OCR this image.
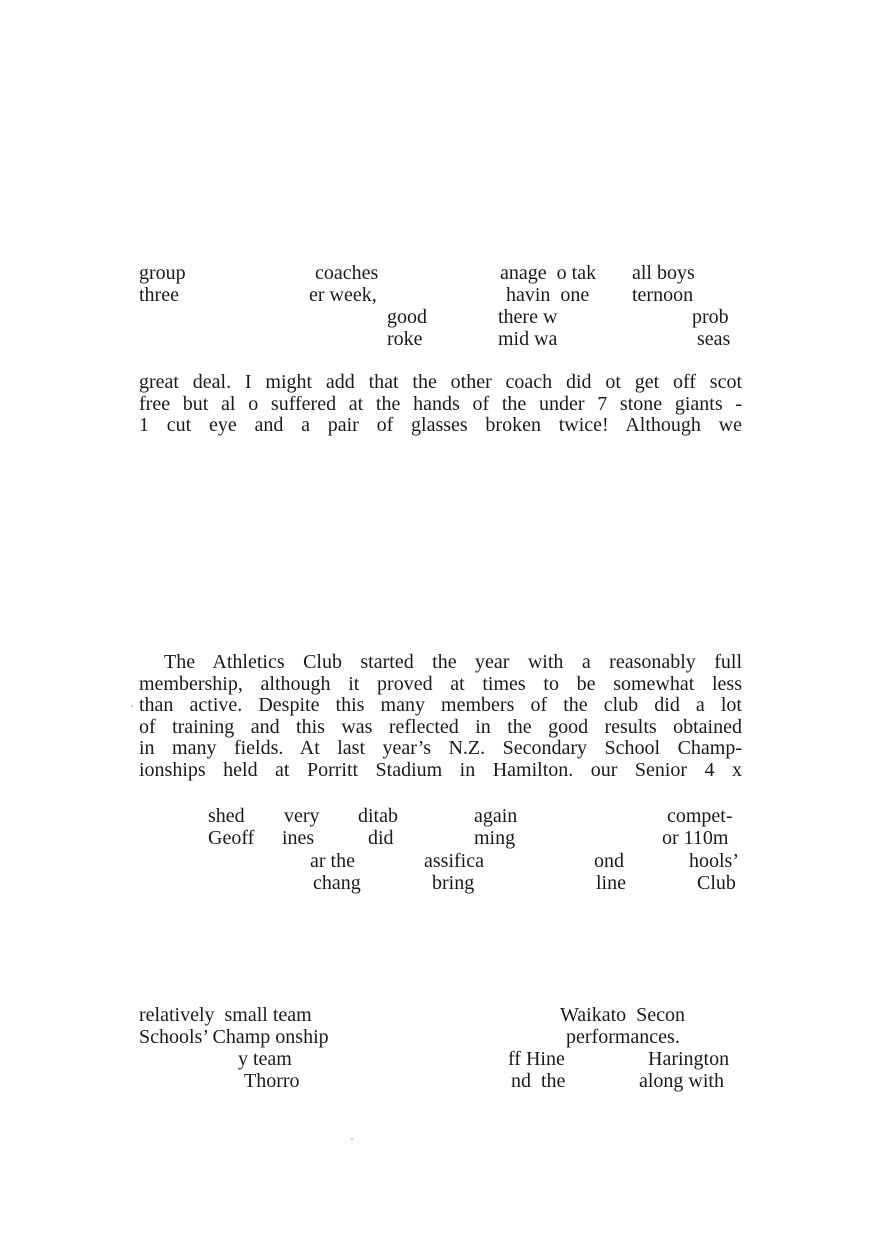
group	coaches	anage  o tak all boys
three	er week,	havin  one ternoon
good	there w	prob
roke	mid wa	seas
great deal. I might add that the other coach did ot get off scot
free but al o suffered at the hands of the under 7 stone giants -
1 cut eye and a pair of glasses broken twice! Although we
The Athletics Club started the year with a reasonably full
membership, although it proved at times to be somewhat less
than active. Despite this many members of the club did a lot
of training and this was reflected in the good results obtained
in many fields. At last year’s N.Z. Secondary School Champ-
ionships held at Porritt Stadium in Hamilton. our Senior 4 x
shed very ditab	again	compet-
Geoff ines	did	ming	or 110m
ar the	assifica	ond	hools’
chang	bring	line	Club
relatively  small team	Waikato  Secon
Schools’ Champ onship	performances.
y team	ff Hine	Harington
Thorro	nd  the	along with
